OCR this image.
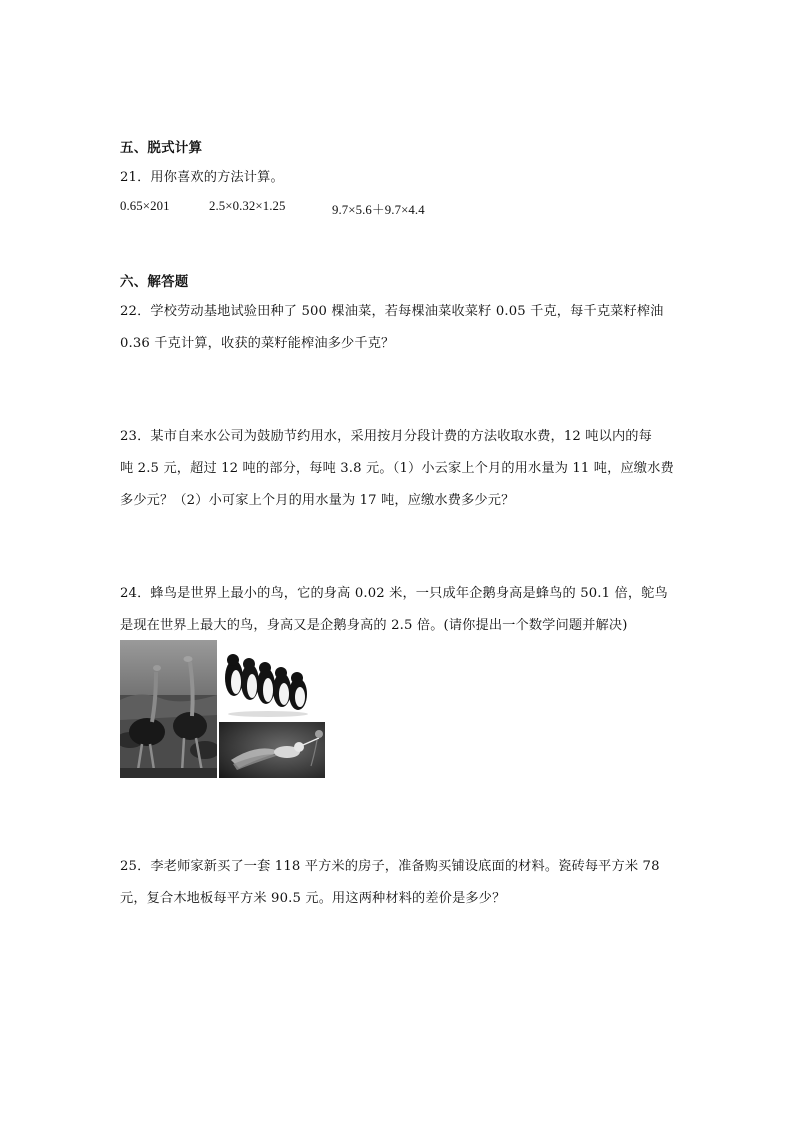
五、脱式计算
21．用你喜欢的方法计算。
0.65×201	2.5×0.32×1.25	9.7×5.6＋9.7×4.4
六、解答题
22．学校劳动基地试验田种了 500 棵油菜，若每棵油菜收菜籽 0.05 千克，每千克菜籽榨油
0.36 千克计算，收获的菜籽能榨油多少千克？
23．某市自来水公司为鼓励节约用水，采用按月分段计费的方法收取水费，12 吨以内的每
吨 2.5 元，超过 12 吨的部分，每吨 3.8 元。（1）小云家上个月的用水量为 11 吨，应缴水费
多少元？（2）小可家上个月的用水量为 17 吨，应缴水费多少元？
24．蜂鸟是世界上最小的鸟，它的身高 0.02 米，一只成年企鹅身高是蜂鸟的 50.1 倍，鸵鸟
是现在世界上最大的鸟，身高又是企鹅身高的 2.5 倍。(请你提出一个数学问题并解决)
25．李老师家新买了一套 118 平方米的房子，准备购买铺设底面的材料。瓷砖每平方米 78
元，复合木地板每平方米 90.5 元。用这两种材料的差价是多少？
